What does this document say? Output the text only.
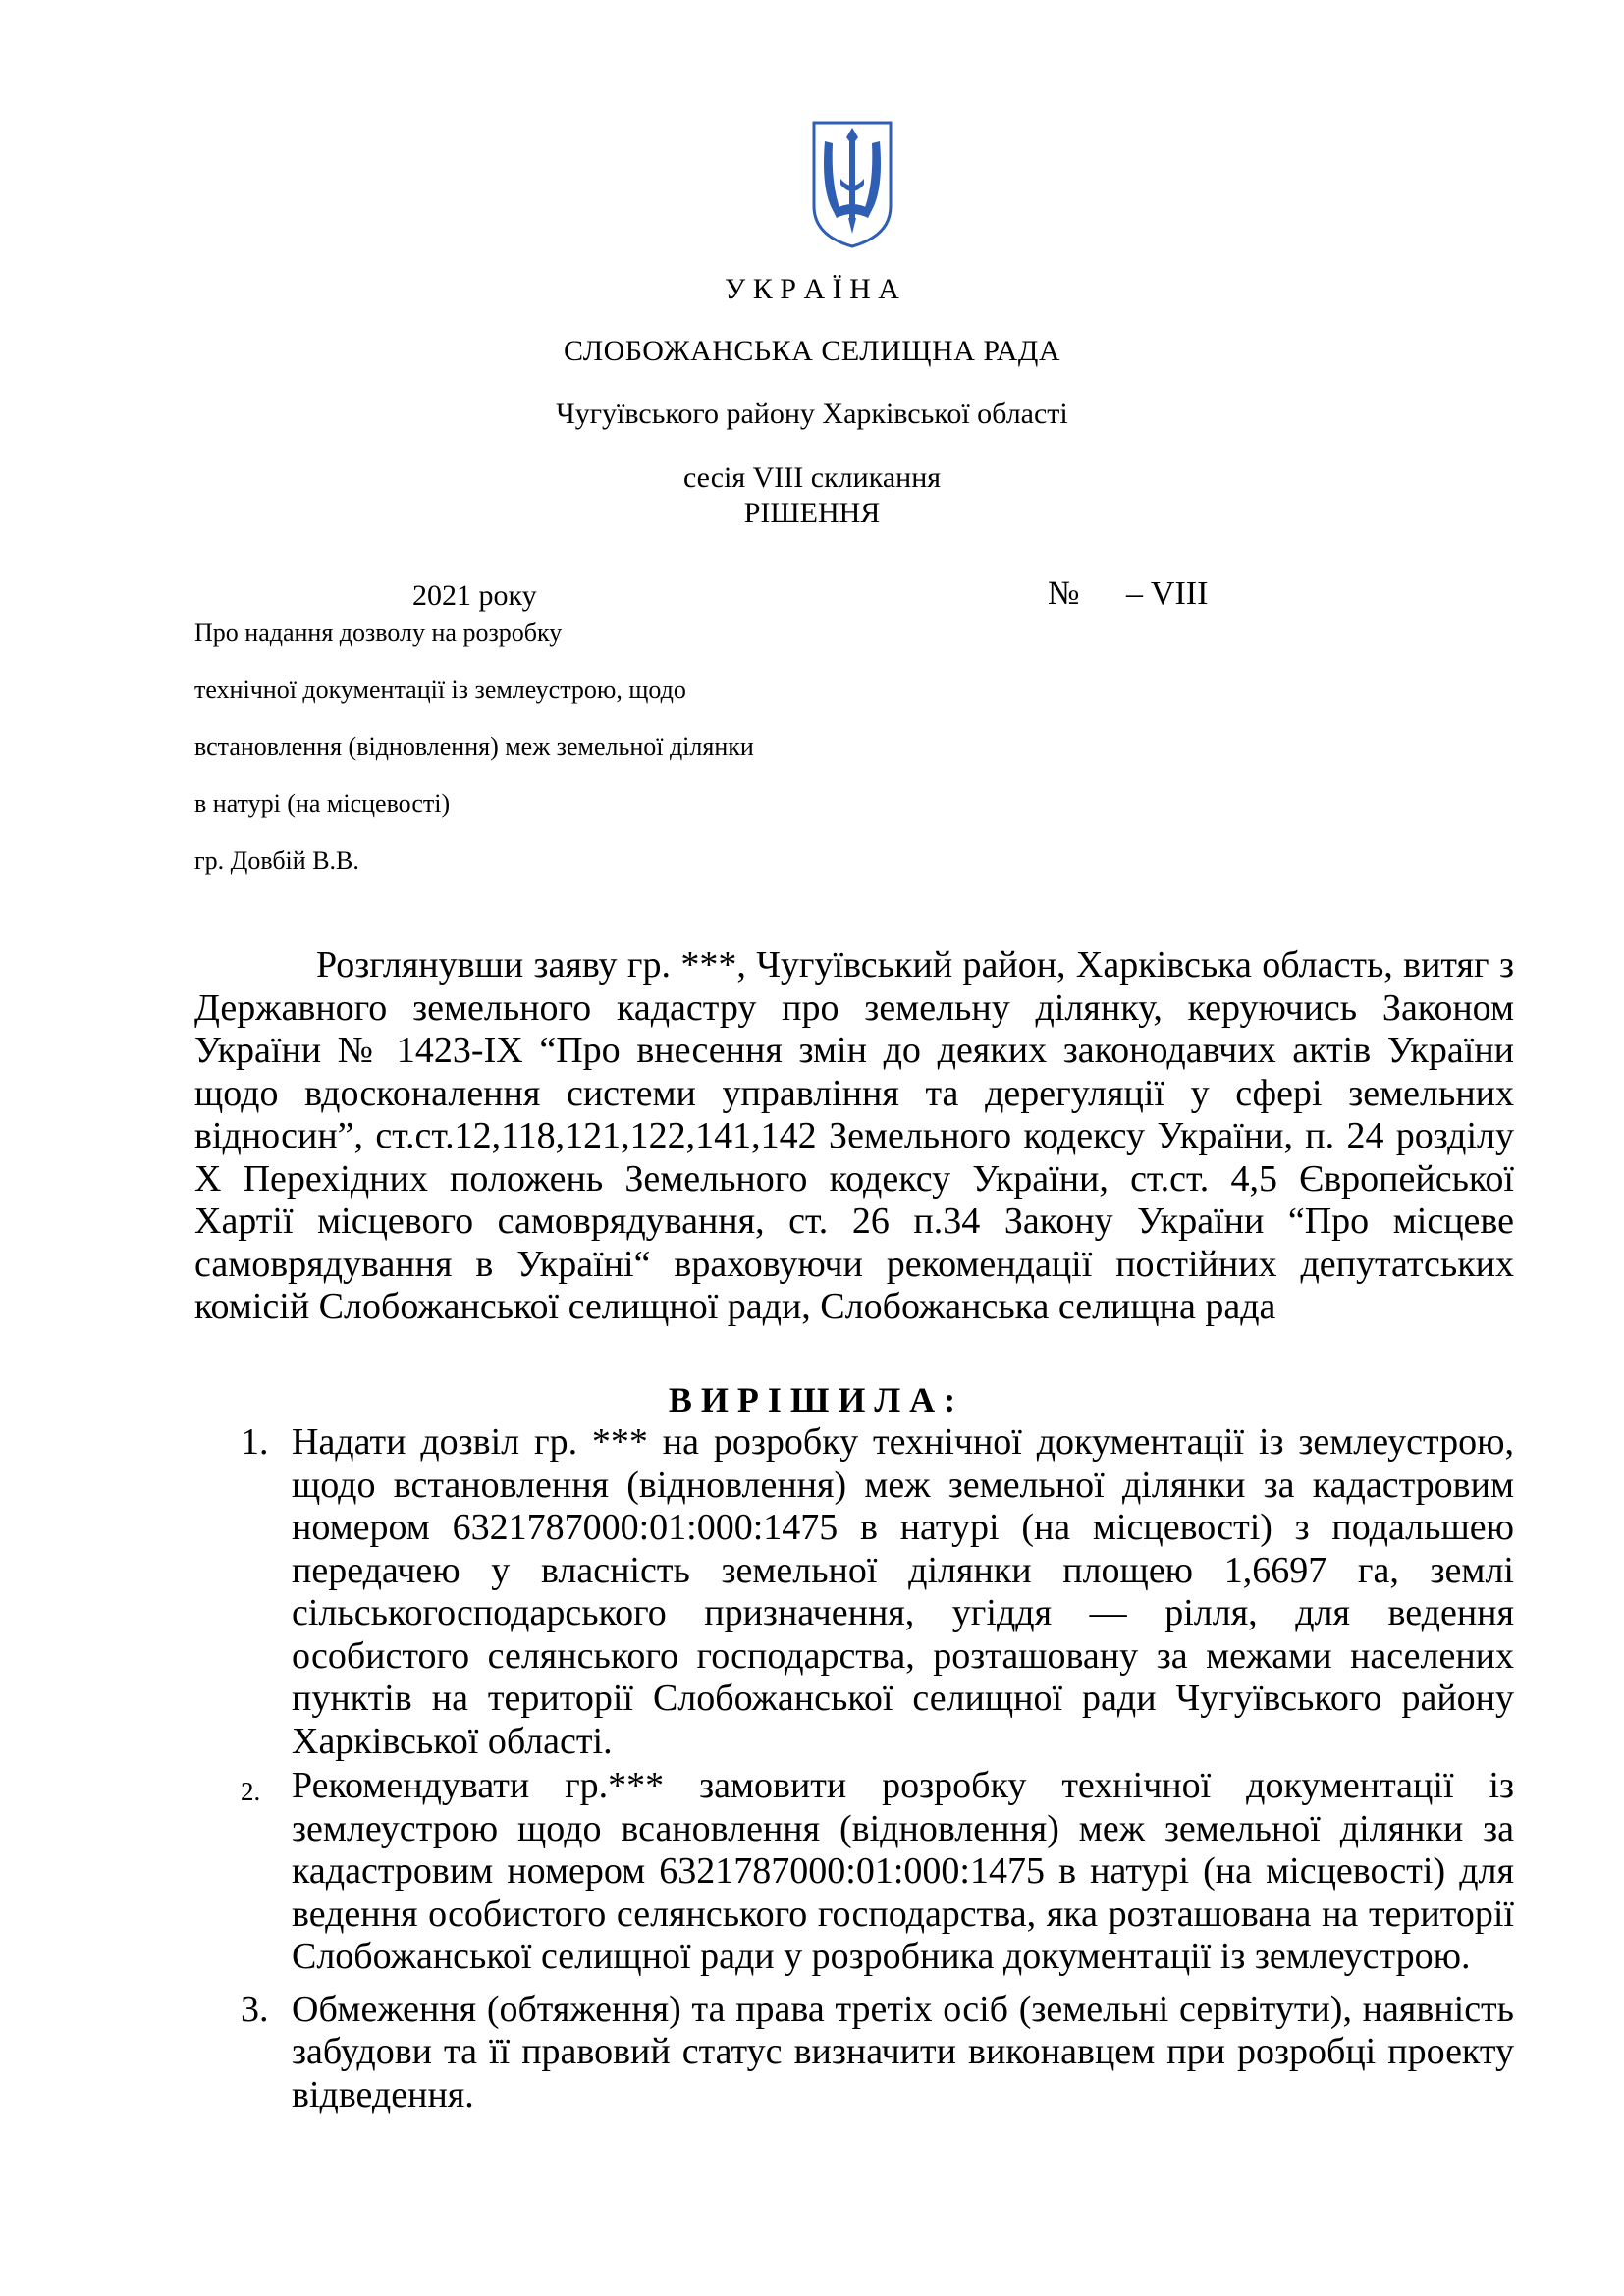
У К Р А Ї Н А
СЛОБОЖАНСЬКА СЕЛИЩНА РАДА
Чугуївського району Харківської області
сесія VIII скликання
РІШЕННЯ
2021 року	№ – VIII
Про надання дозволу на розробку
технічної документації із землеустрою, щодо
встановлення (відновлення) меж земельної ділянки
в натурі (на місцевості)
гр. Довбій В.В.
Розглянувши заяву гр. ***, Чугуївський район, Харківська область, витяг з Державного земельного кадастру про земельну ділянку, керуючись Законом України № 1423-IX “Про внесення змін до деяких законодавчих актів України щодо вдосконалення системи управління та дерегуляції у сфері земельних відносин”, ст.ст.12,118,121,122,141,142 Земельного кодексу України, п. 24 розділу X Перехідних положень Земельного кодексу України, ст.ст. 4,5 Європейської Хартії місцевого самоврядування, ст. 26 п.34 Закону України “Про місцеве самоврядування в Україні“ враховуючи рекомендації постійних депутатських комісій Слобожанської селищної ради, Слобожанська селищна рада
В И Р І Ш И Л А :
1. Надати дозвіл гр. *** на розробку технічної документації із землеустрою, щодо встановлення (відновлення) меж земельної ділянки за кадастровим номером 6321787000:01:000:1475 в натурі (на місцевості) з подальшею передачею у власність земельної ділянки площею 1,6697 га, землі сільськогосподарського призначення, угіддя — рілля, для ведення особистого селянського господарства, розташовану за межами населених пунктів на території Слобожанської селищної ради Чугуївського району Харківської області.
2. Рекомендувати гр.*** замовити розробку технічної документації із землеустрою щодо всановлення (відновлення) меж земельної ділянки за кадастровим номером 6321787000:01:000:1475 в натурі (на місцевості) для ведення особистого селянського господарства, яка розташована на території Слобожанської селищної ради у розробника документації із землеустрою.
3. Обмеження (обтяження) та права третіх осіб (земельні сервітути), наявність забудови та її правовий статус визначити виконавцем при розробці проекту відведення.
